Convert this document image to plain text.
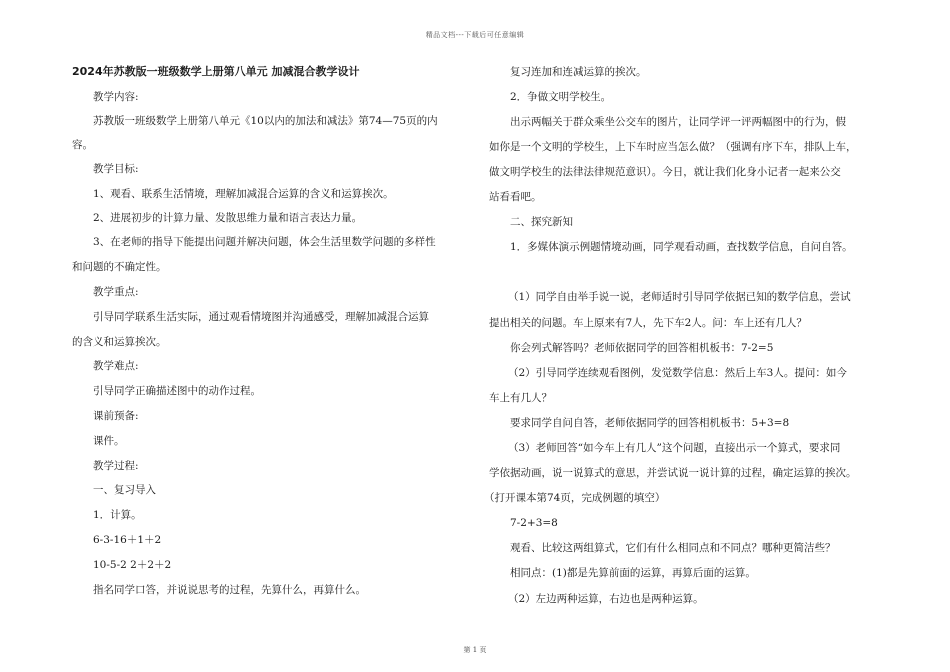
精品文档---下载后可任意编辑
2024年苏教版一班级数学上册第八单元 加减混合教学设计
教学内容:
苏教版一班级数学上册第八单元《10以内的加法和减法》第74—75页的内
容。
教学目标:
1、观看、联系生活情境，理解加减混合运算的含义和运算挨次。
2、进展初步的计算力量、发散思维力量和语言表达力量。
3、在老师的指导下能提出问题并解决问题，体会生活里数学问题的多样性
和问题的不确定性。
教学重点:
引导同学联系生活实际，通过观看情境图并沟通感受，理解加减混合运算
的含义和运算挨次。
教学难点:
引导同学正确描述图中的动作过程。
课前预备:
课件。
教学过程:
一、复习导入
1．计算。
6-3-16＋1＋2
10-5-2 2＋2＋2
指名同学口答，并说说思考的过程，先算什么，再算什么。
复习连加和连减运算的挨次。
2．争做文明学校生。
出示两幅关于群众乘坐公交车的图片，让同学评一评两幅图中的行为，假
如你是一个文明的学校生，上下车时应当怎么做？（强调有序下车，排队上车，
做文明学校生的法律法律规范意识）。今日，就让我们化身小记者一起来公交
站看看吧。
二、探究新知
1．多媒体演示例题情境动画，同学观看动画，查找数学信息，自问自答。
（1）同学自由举手说一说，老师适时引导同学依据已知的数学信息，尝试
提出相关的问题。车上原来有7人，先下车2人。问：车上还有几人？
你会列式解答吗？老师依据同学的回答相机板书：7-2=5
（2）引导同学连续观看图例，发觉数学信息：然后上车3人。提问：如今
车上有几人？
要求同学自问自答，老师依据同学的回答相机板书：5+3=8
（3）老师回答“如今车上有几人”这个问题，直接出示一个算式，要求同
学依据动画，说一说算式的意思，并尝试说一说计算的过程，确定运算的挨次。
（打开课本第74页，完成例题的填空）
7-2+3=8
观看、比较这两组算式，它们有什么相同点和不同点？哪种更简洁些？
相同点：(1)都是先算前面的运算，再算后面的运算。
（2）左边两种运算，右边也是两种运算。
第 1 页
